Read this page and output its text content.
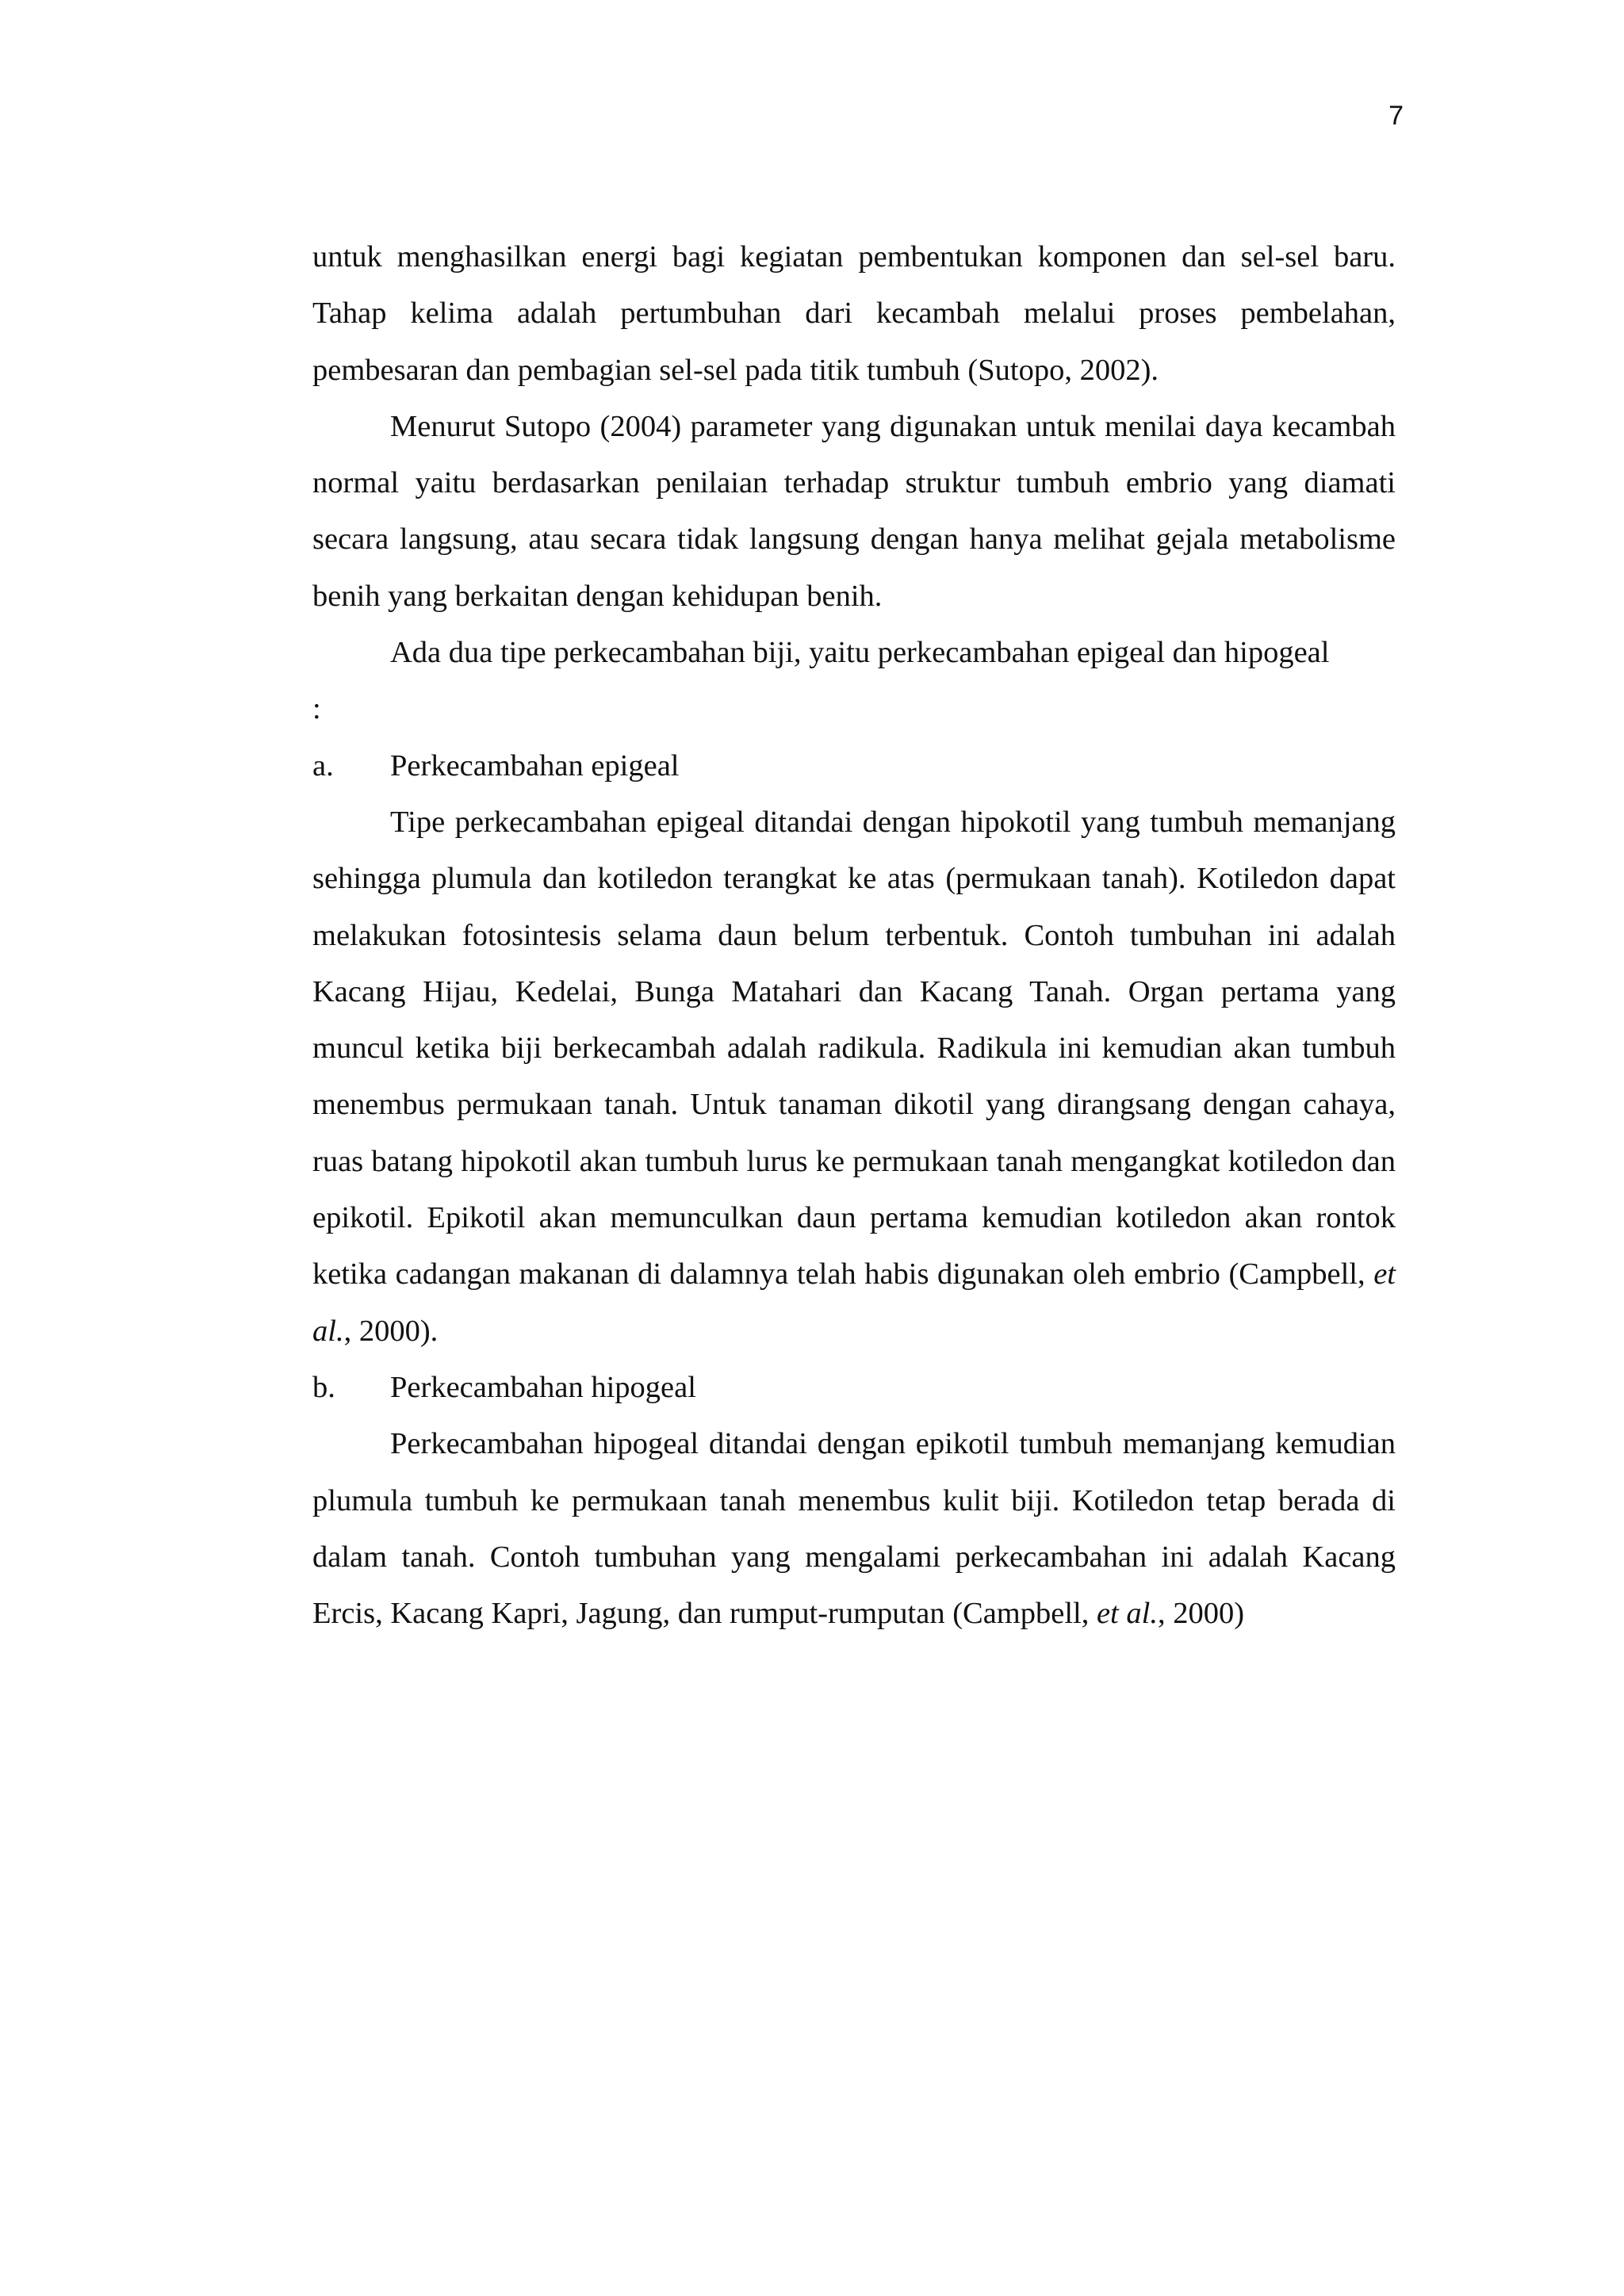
7

untuk menghasilkan energi bagi kegiatan pembentukan komponen dan sel-sel baru. Tahap kelima adalah pertumbuhan dari kecambah melalui proses pembelahan, pembesaran dan pembagian sel-sel pada titik tumbuh (Sutopo, 2002).

Menurut Sutopo (2004) parameter yang digunakan untuk menilai daya kecambah normal yaitu berdasarkan penilaian terhadap struktur tumbuh embrio yang diamati secara langsung, atau secara tidak langsung dengan hanya melihat gejala metabolisme benih yang berkaitan dengan kehidupan benih.

Ada dua tipe perkecambahan biji, yaitu perkecambahan epigeal dan hipogeal

:

a.	Perkecambahan epigeal

Tipe perkecambahan epigeal ditandai dengan hipokotil yang tumbuh memanjang sehingga plumula dan kotiledon terangkat ke atas (permukaan tanah). Kotiledon dapat melakukan fotosintesis selama daun belum terbentuk. Contoh tumbuhan ini adalah Kacang Hijau, Kedelai, Bunga Matahari dan Kacang Tanah. Organ pertama yang muncul ketika biji berkecambah adalah radikula. Radikula ini kemudian akan tumbuh menembus permukaan tanah. Untuk tanaman dikotil yang dirangsang dengan cahaya, ruas batang hipokotil akan tumbuh lurus ke permukaan tanah mengangkat kotiledon dan epikotil. Epikotil akan memunculkan daun pertama kemudian kotiledon akan rontok ketika cadangan makanan di dalamnya telah habis digunakan oleh embrio (Campbell, et al., 2000).

b.	Perkecambahan hipogeal

Perkecambahan hipogeal ditandai dengan epikotil tumbuh memanjang kemudian plumula tumbuh ke permukaan tanah menembus kulit biji. Kotiledon tetap berada di dalam tanah. Contoh tumbuhan yang mengalami perkecambahan ini adalah Kacang Ercis, Kacang Kapri, Jagung, dan rumput-rumputan (Campbell, et al., 2000)
